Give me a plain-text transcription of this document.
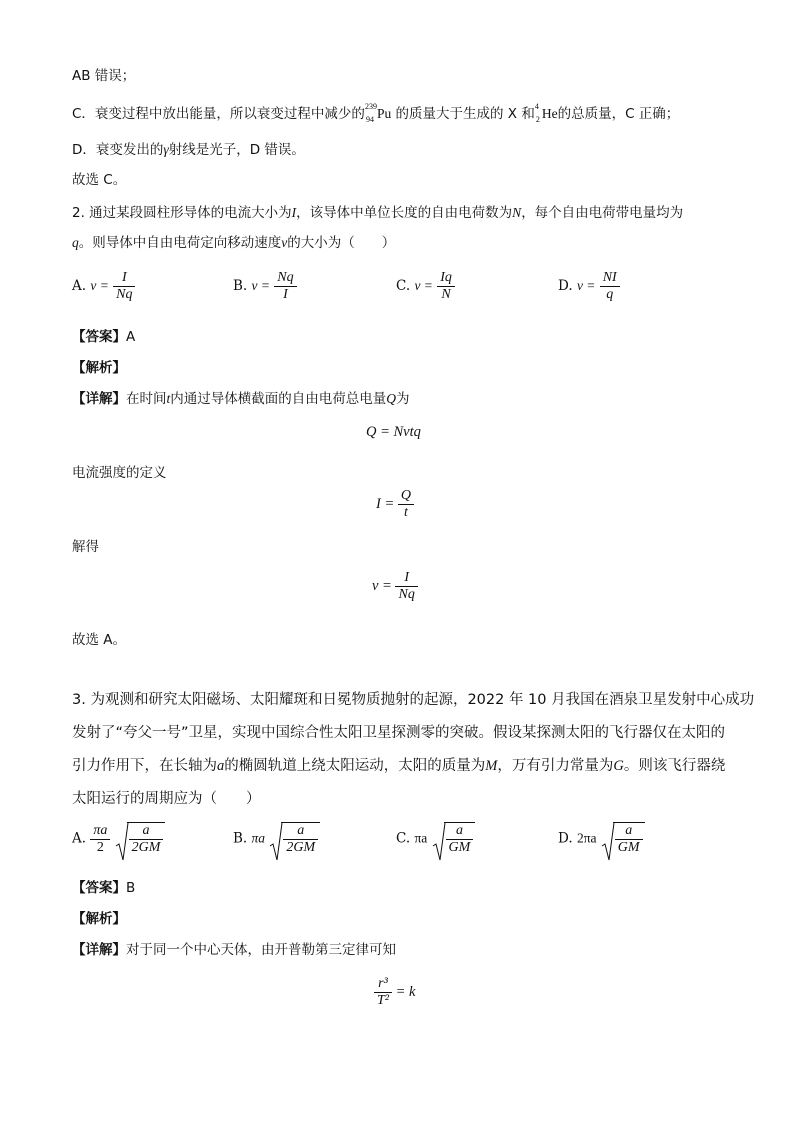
AB 错误；
C．衰变过程中放出能量，所以衰变过程中减少的 239
94 Pu 的质量大于生成的 X 和 4
2 He的总质量，C 正确；
D．衰变发出的γ射线是光子，D 错误。
故选 C。
2. 通过某段圆柱形导体的电流大小为I，该导体中单位长度的自由电荷数为N，每个自由电荷带电量均为
q。则导体中自由电荷定向移动速度v的大小为（　　）
A. $v = \frac{I}{Nq}$	B. $v = \frac{Nq}{I}$	C. $v = \frac{Iq}{N}$	D. $v = \frac{NI}{q}$
【答案】A
【解析】
【详解】在时间t内通过导体横截面的自由电荷总电量Q为
Q = Nvtq
电流强度的定义
$I = \frac{Q}{t}$
解得
$v = \frac{I}{Nq}$
故选 A。
3. 为观测和研究太阳磁场、太阳耀斑和日冕物质抛射的起源，2022 年 10 月我国在酒泉卫星发射中心成功
发射了“夸父一号”卫星，实现中国综合性太阳卫星探测零的突破。假设某探测太阳的飞行器仅在太阳的
引力作用下，在长轴为a的椭圆轨道上绕太阳运动，太阳的质量为M，万有引力常量为G。则该飞行器绕
太阳运行的周期应为（　　）
A. $\frac{\pi a}{2}$
$\frac{a}{2GM}$	B. πa $\frac{a}{2GM}$	C. πa $\frac{a}{GM}$	D. $2\pi a \frac{a}{GM}$
【答案】B
【解析】
【详解】对于同一个中心天体，由开普勒第三定律可知
$\frac{\text{r³}}{\text{T²}} = k$
